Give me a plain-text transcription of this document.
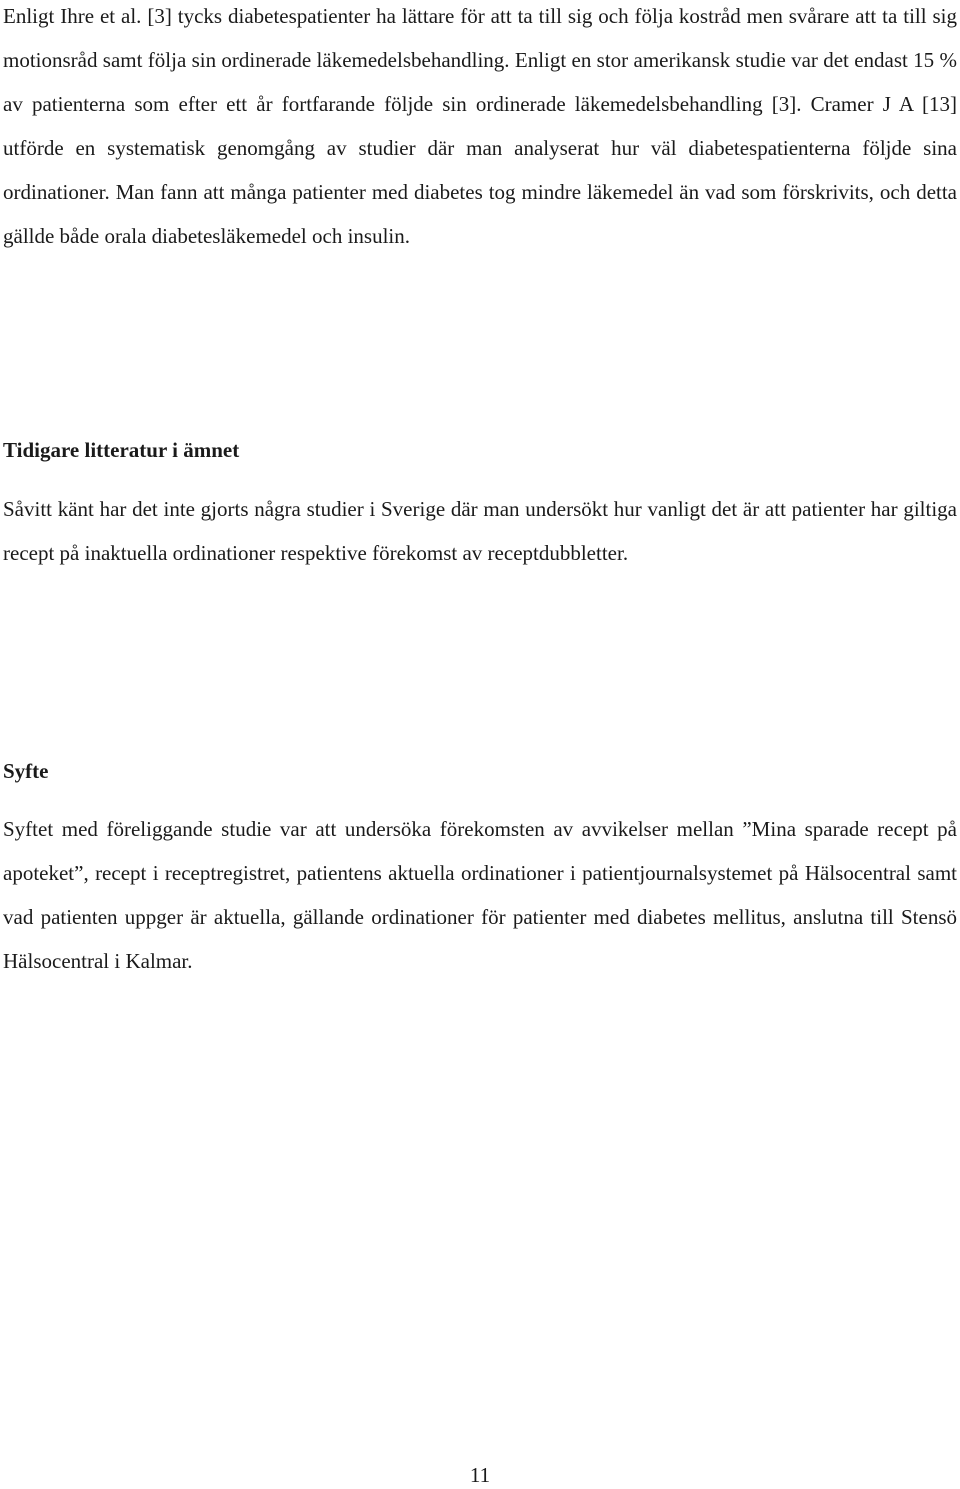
Enligt Ihre et al. [3] tycks diabetespatienter ha lättare för att ta till sig och följa kostråd men svårare att ta till sig motionsråd samt följa sin ordinerade läkemedelsbehandling. Enligt en stor amerikansk studie var det endast 15 % av patienterna som efter ett år fortfarande följde sin ordinerade läkemedelsbehandling [3]. Cramer J A [13] utförde en systematisk genomgång av studier där man analyserat hur väl diabetespatienterna följde sina ordinationer. Man fann att många patienter med diabetes tog mindre läkemedel än vad som förskrivits, och detta gällde både orala diabetesläkemedel och insulin.

Tidigare litteratur i ämnet

Såvitt känt har det inte gjorts några studier i Sverige där man undersökt hur vanligt det är att patienter har giltiga recept på inaktuella ordinationer respektive förekomst av receptdubbletter.

Syfte

Syftet med föreliggande studie var att undersöka förekomsten av avvikelser mellan ”Mina sparade recept på apoteket”, recept i receptregistret, patientens aktuella ordinationer i patientjournalsystemet på Hälsocentral samt vad patienten uppger är aktuella, gällande ordinationer för patienter med diabetes mellitus, anslutna till Stensö Hälsocentral i Kalmar.

11
